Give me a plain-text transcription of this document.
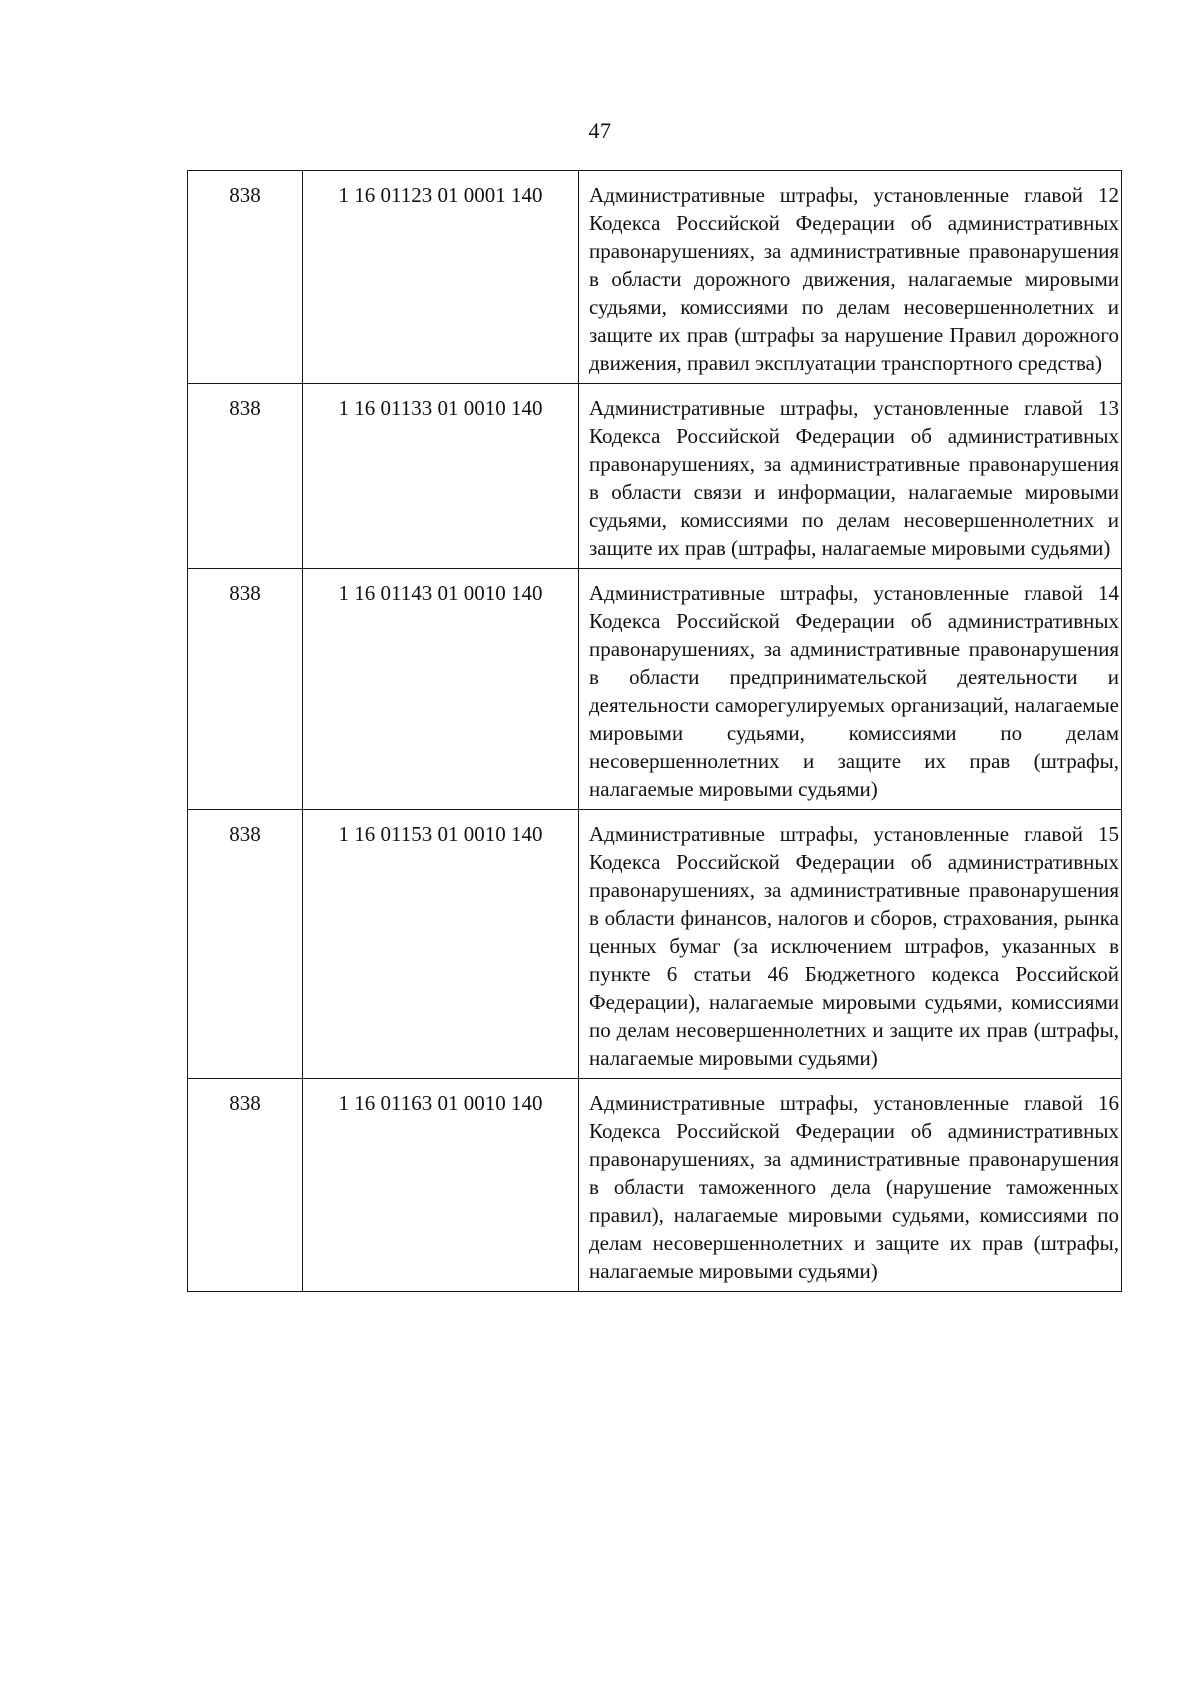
47
838	1 16 01123 01 0001 140	Административные штрафы, установленные главой 12 Кодекса Российской Федерации об административных правонарушениях, за административные правонарушения в области дорожного движения, налагаемые мировыми судьями, комиссиями по делам несовершеннолетних и защите их прав (штрафы за нарушение Правил дорожного движения, правил эксплуатации транспортного средства)
838	1 16 01133 01 0010 140	Административные штрафы, установленные главой 13 Кодекса Российской Федерации об административных правонарушениях, за административные правонарушения в области связи и информации, налагаемые мировыми судьями, комиссиями по делам несовершеннолетних и защите их прав (штрафы, налагаемые мировыми судьями)
838	1 16 01143 01 0010 140	Административные штрафы, установленные главой 14 Кодекса Российской Федерации об административных правонарушениях, за административные правонарушения в области предпринимательской деятельности и деятельности саморегулируемых организаций, налагаемые мировыми судьями, комиссиями по делам несовершеннолетних и защите их прав (штрафы, налагаемые мировыми судьями)
838	1 16 01153 01 0010 140	Административные штрафы, установленные главой 15 Кодекса Российской Федерации об административных правонарушениях, за административные правонарушения в области финансов, налогов и сборов, страхования, рынка ценных бумаг (за исключением штрафов, указанных в пункте 6 статьи 46 Бюджетного кодекса Российской Федерации), налагаемые мировыми судьями, комиссиями по делам несовершеннолетних и защите их прав (штрафы, налагаемые мировыми судьями)
838	1 16 01163 01 0010 140	Административные штрафы, установленные главой 16 Кодекса Российской Федерации об административных правонарушениях, за административные правонарушения в области таможенного дела (нарушение таможенных правил), налагаемые мировыми судьями, комиссиями по делам несовершеннолетних и защите их прав (штрафы, налагаемые мировыми судьями)
